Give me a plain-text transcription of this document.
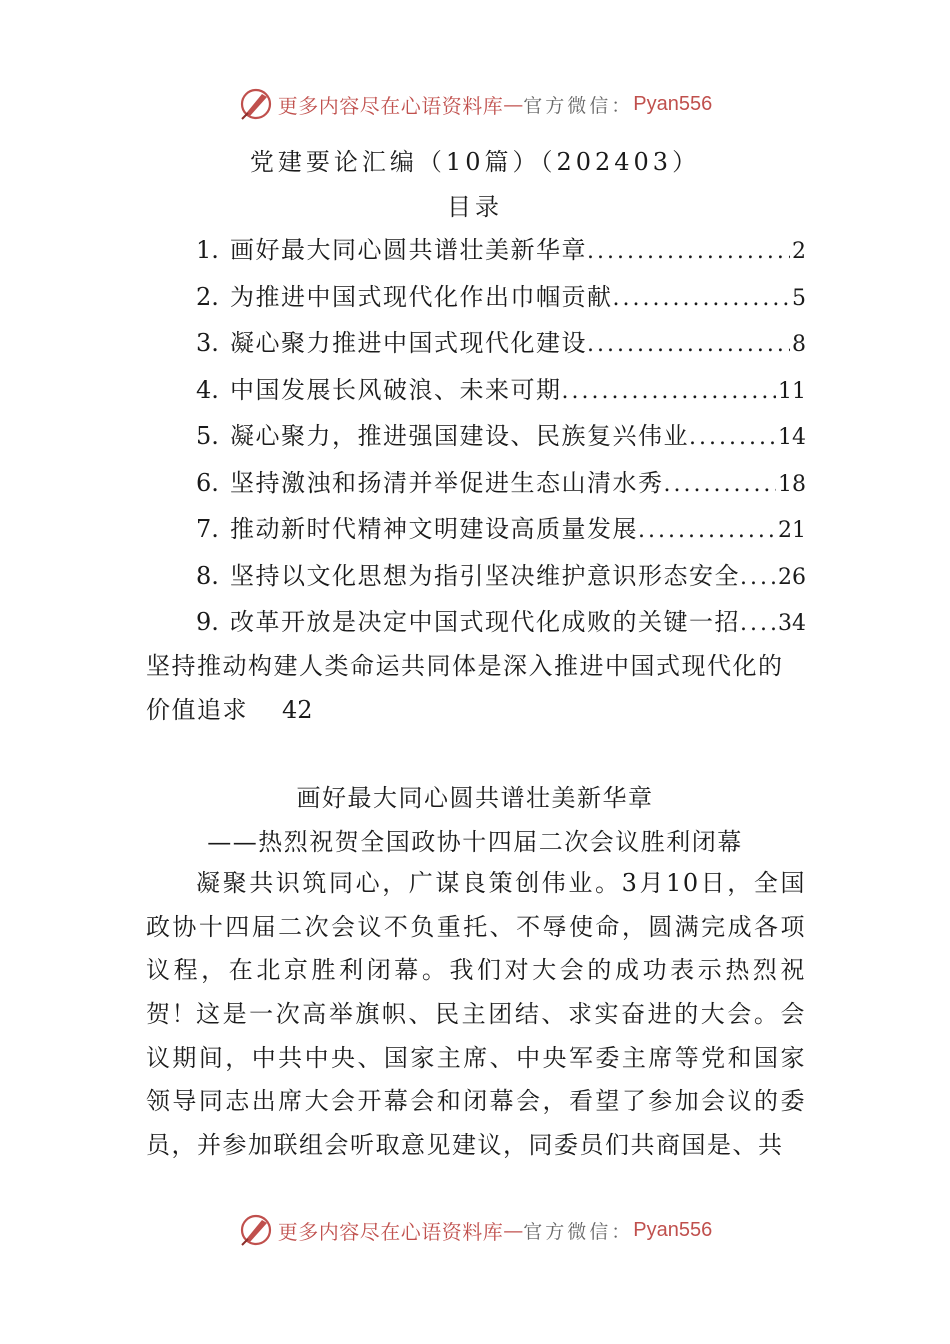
更多内容尽在心语资料库 — 官方微信： Pyan556
党建要论汇编（10篇）（202403）
目录
1. 画好最大同心圆共谱壮美新华章 .....	2
2. 为推进中国式现代化作出巾帼贡献 .....	5
3. 凝心聚力推进中国式现代化建设 .....	8
4. 中国发展长风破浪、未来可期 .....	11
5. 凝心聚力，推进强国建设、民族复兴伟业 .....	14
6. 坚持激浊和扬清并举促进生态山清水秀 .....	18
7. 推动新时代精神文明建设高质量发展 .....	21
8. 坚持以文化思想为指引坚决维护意识形态安全 ..... 26
9. 改革开放是决定中国式现代化成败的关键一招 ..... 34
坚持推动构建人类命运共同体是深入推进中国式现代化的价值追求 42
画好最大同心圆共谱壮美新华章
——热烈祝贺全国政协十四届二次会议胜利闭幕
凝聚共识筑同心，广谋良策创伟业。3月10日，全国政协十四届二次会议不负重托、不辱使命，圆满完成各项议程，在北京胜利闭幕。我们对大会的成功表示热烈祝贺！ 这是一次高举旗帜、民主团结、求实奋进的大会。会议期间，中共中央、国家主席、中央军委主席等党和国家领导同志出席大会开幕会和闭幕会，看望了参加会议的委员，并参加联组会听取意见建议，同委员们共商国是、共
更多内容尽在心语资料库 — 官方微信： Pyan556
